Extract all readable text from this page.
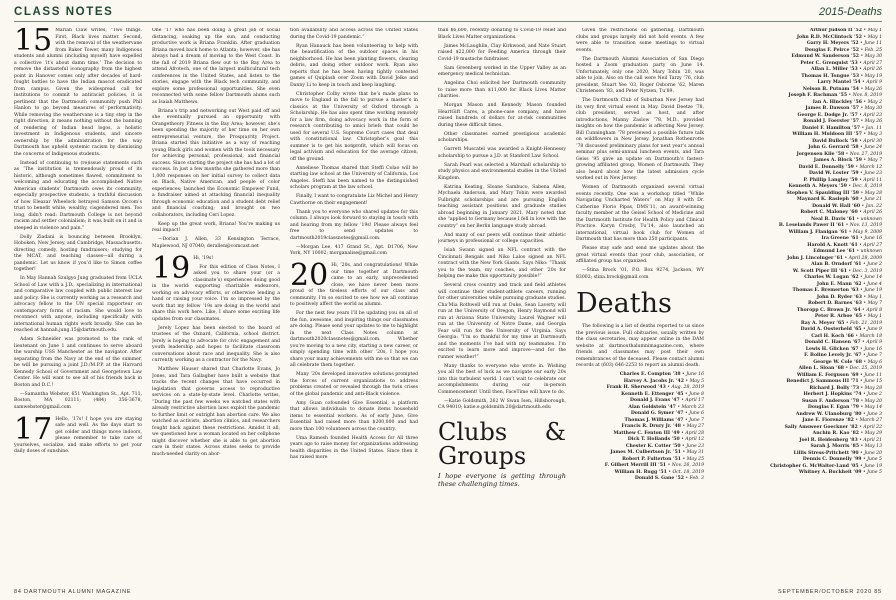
CLASS NOTES	2015-Deaths
15 Mariah Claw writes, “Two things. First, Black lives matter. Second, with the removal of the weathervane from Baker Tower, many Indigenous students and alumni (including myself) have expelled a collective ‘it’s about damn time.’ The decision to remove the distasteful iconography from the highest point in Hanover comes only after decades of hard-fought battles to have the Indian mascot eradicated from campus. Given the widespread call for institutions to commit to antiracist policies, it is pertinent that the Dartmouth community push Phil Hanlon to go beyond measures of performativity. While removing the weathervane is a tiny step in the right direction, it means nothing without the banning of rendering of Indian head logos, a holistic investment in Indigenous students, and sincere ownership by the administration for the way Dartmouth has upheld systemic racism by dismissing the concerns of Indigenous students.

Instead of continuing to (re)issue statements such as ‘The institution is tremendously proud of its historic, although sometimes flawed, commitment to welcoming and educating the accomplished Native American students’ Dartmouth owes its community, especially prospective students, a truthful discussion of how Eleazar Wheelock betrayed Samson Occom’s trust to benefit white, wealthy, cisgendered men. Too long, didn’t read: Dartmouth College is not beyond racism and settler colonialism; it was built on it and is steeped in violence and pain.”

Dolly Ziadani is bouncing between Brooklyn, Hoboken, New Jersey, and Cambridge, Massachusetts: directing comedy, hosting fundraisers; studying for the MCAT, and teaching classes—all during a pandemic. Let us know if you’d like to Simon coffee together!

In May Hannah Szulgyo Jung graduated from UCLA School of Law with a J.D., specializing in international and comparative law coupled with public interest law and policy. She is currently working as a research and advocacy fellow to the UN special rapporteur on contemporary forms of racism. She would love to reconnect with anyone, including specifically with international human rights work broadly. She can be reached at hannah.jung.15@dartmouth.edu.

Adam Schneider was promoted to the rank of lieutenant on June 1 and continues to serve aboard the warship USS Manchester as the navigator. After separating from the Navy at the end of the summer, he will be pursuing a joint J.D./M.P.P. at the Harvard Kennedy School of Government and Georgetown Law Center. He will want to see all of his friends back in Boston and D.C.!

—Samantha Webster, 651 Washington St., Apt. 711, Boston, MA 02111; (484) 356-3678, samwebster@gmail.com

17 Hello, ’17s! I hope you are staying safe and well. As the days start to get colder and things move indoors, please remember to take care of yourselves, socialize, and make efforts to get your daily doses of sunshine.

One ’17 who has been doing a great job of social distancing, soaking up the sun, and conducting productive work is Briana Franklin. After graduation Briana moved back home to Atlanta; however, she has always had a dream of moving to the West Coast. In the fall of 2019 Briana flew out to the Bay Area to attend Afrotech, one of the largest multicultural tech conferences in the United States, and listen to the stories, engage with the Black tech community, and explore some professional opportunities. She even reconnected with some fellow Dartmouth alums such as Isaiah Matthews.

Briana’s trip and networking out West paid off and she eventually pursued an opportunity with Orangetheory Fitness in the Bay Area; however, she’s been spending the majority of her time on her own entrepreneurial venture, the Prosp(a)rity Project. Briana started this initiative as a way of reaching young Black girls and women with the tools necessary for achieving personal, professional, and financial success. Since starting the project she has had a lot of success. In just a few months she gathered more than 1,000 responses on her initial survey to collect data on Black, Native American, and people of color experiences; launched the Economic Empower Fund, a fundraiser aimed at attacking financial inequality through economic education and a student debt relief and financial coaching; and brought on two collaborators, including Ceri Lopez.

Keep up the great work, Briana! You’re making us real impact!

—Dorian J. Allen, 33 Kensington Terrace, Maplewood, NJ 07040; derallen@comcast.net

19 Hi, ’19s!

For this edition of Class Notes, I asked you to share your (or a classmate’s) experiences doing good in the world: supporting charitable endeavors, working on advocacy efforts, or otherwise lending a hand or raising your voice. I’m so impressed by the work that my fellow ’19s are doing in the world and share this work here. Like, I share some exciting life updates from our classmates.

Jerely Lopez has been elected to the board of trustees of the Oxnard, California, school district. Jerely is hoping to advocate for civic engagement and youth leadership and hopes to facilitate classroom conversations about race and inequality. She is also currently working as a contractor for the Navy.

Matthew Hauser shared that Charlotte Evans, Jo Jones, and Tara Gallagher have built a website that tracks the recent changes that have occurred in legislation that governs access to reproductive services on a state-by-state level. Charlotte writes, “During the past few weeks we watched states with already restrictive abortion laws exploit the pandemic to further limit or outright ban abortion care. We also watched as activists, abortion clinics, and researchers fought back against these restrictions. Amidst it all, we questioned how a woman located on her cellphone might discover whether she is able to get abortion care in their states. Across states seeks to provide much-needed clarity on abor-

tion availability and access across the United States during the Covid-19 pandemic.”

Ryan Hanauck has been volunteering to help with the beautification of the outdoor spaces in his neighborhood. He has been planting flowers, clearing debris, and doing other outdoor work. Ryan also reports that he has been having tightly contested games of Quiplash over Zoom with David Jelke and Danny Li to keep in touch and keep laughing.

Christopher Colby wrote that he’s made plans to move to England in the fall to pursue a master’s in classics at the University of Oxford through a Scholarship. He has also spent time working remotely for a law firm, doing advocacy work in the form of research contributing to amici briefs that could be used for several U.S. Supreme Court cases that deal with constitutional law. Christopher’s goal this summer is to get his nonprofit, which will focus on legal activism and education for the average citizen, off the ground.

Anneliese Thomas shared that Steffi Colao will be starting law school at the University of California, Los Angeles. Steffi has been named to the distinguished scholars program at the law school.

Finally, I want to congratulate Liz Michel and Henry Cawthorne on their engagement!

Thank you to everyone who shared updates for this column. I always look forward to staying in touch with and hearing from my fellow ’19s! Please always feel free to send updates to dartmouth2019classnotes@gmail.com.

—Morgan Lee, 417 Grand St., Apt. D1706, New York, NY 10002; morganalise@gmail.com

20 Hi, ’20s, and congratulations! While our time together at Dartmouth came to an early, unprecedented close, we have never been more proud of the tireless efforts of our class and community. I’m so excited to see how we all continue to positively affect the world as alumni.

For the next few years I’ll be updating you on all of the fun, awesome, and inspiring things our classmates are doing. Please send your updates to me to highlight in the next Class Notes column at dartmouth2020classnotes@gmail.com. Whether you’re moving to a new city, starting a new career, or simply spending time with other ’20s, I hope you share your many achievements with me so that we can all celebrate them together.

Many ’20s developed innovative solutions prompted the forces of current organizations to address problems created or revealed through the twin crises of the global pandemic and anti-Black violence.

Amy Guan cofounded Give Essential, a platform that allows individuals to donate items household items to essential workers. As of early June, Give Essential had raised more than $200,000 and had more than 100 volunteers across the country.

Uma Ramesh founded Health Access for All three years ago to raise money for organizations addressing health disparities in the United States. Since then it has raised more

than $6,600, recently donating to Covid-19 relief and Black Lives Matter organizations.

James McLaughlin, Clay Kirkwood, and Nate Stuart raised $22,000 for Feeding America through their Covid-19 mustache fundraiser.

Sam Greenberg worked in the Upper Valley as an emergency medical technician.

Angelina Choi solicited her Dartmouth community to raise more than $11,000 for Black Lives Matter charities.

Morgan Mason and Kennedy Mason founded HeartGift Cares, a phone-case company, and have raised hundreds of dollars for at-risk communities during these difficult times.

Other classmates earned prestigious academic scholarships.

Garrett Muscatel was awarded a Knight-Hennessy scholarship to pursue a J.D. at Stanford Law School.

Sarah Pearl was selected a Marshall scholarship to study physics and environmental studies in the United Kingdom.

Katrina Keating, Sloane Sambuco, Sabena Allen, Mychaela Anderson, and Mary Tobin were awarded Fulbright scholarships and are pursuing English teaching assistant positions and graduate studies abroad beginning in January 2021. Mary noted that she “applied to Germany because I fell in love with the country” on her Berlin language study abroad.

And many of our peers will continue their athletic journeys in professional or college capacities.

Isiah Swann signed an NFL contract with the Cincinnati Bengals and Niko Lalos signed an NFL contract with the New York Giants. Says Niko: “Thank you to the team, my coaches, and other ’20s for helping me make this opportunity possible!”

Several cross country and track and field athletes will continue their student-athlete careers, running for other universities while pursuing graduate studies. Cha’Mia Rothwell will run at Duke, Sean Laverty will run at the University of Oregon, Henry Raymond will run at Arizona State University, Laurel Wagner will run at the University of Notre Dame, and Georgia Fear will run for the University of Virginia. Says Georgia: “I’m so thankful for my time at Dartmouth and the moments I’ve had with my teammates. I’m excited to learn more and improve—and for the runner weather!”

Many thanks to everyone who wrote in. Wishing you all the best of luck as we navigate our early 20s into this turbulent world. I can’t wait to celebrate our accomplishments during our in-person Commencement! Until then, FaceTime will have to do.

—Katie Goldsmith, 262 W Swan Isen, Hillsborough, CA 94010; katie.e.goldsmith.20@dartmouth.edu

Clubs & Groups
I hope everyone is getting through these challenging times.

Given the restrictions on gathering, Dartmouth clubs and groups largely did not hold events. A few were able to transition some meetings to virtual events.

The Dartmouth Alumni Association of San Diego hosted a Zoom graduation party on June 14. Unfortunately, only one 2020, Mary Tobin ’20, was able to join. Also on the call were Neil Tarzy ’76, club president, Stuart Yee ’03, Roger Osborne ’62, Maren Christensen ’83, and Peter Nytzen, Tu’89.

The Dartmouth Club of Suburban New Jersey had its very first virtual event in May. David Deetze ’78, club president, served as host, and after introductions, Manny Zaslow ’78, M.D., provided insights on how the pandemic is affecting New Jersey. Bill Cunningham ’78 previewed a possible future talk on wildflowers in New Jersey. Jonathan Rothenrotte ’78 discussed preliminary plans for next year’s annual seminar plus semi-annual luncheon events, and Tara Geiss ’95 gave an update on Dartmouth’s fastest-growing affiliated group, Women of Dartmouth. They also heard about how the latest admission cycle worked out in New Jersey.

Women of Dartmouth organized several virtual events recently. One was a workshop titled “While Navigating Uncharted Waters” on May 8 with Dr. Catherine Florio Pipas, DMS’11, an award-winning faculty member at the Geisel School of Medicine and the Dartmouth Institute for Health Policy and Clinical Practice. Karyn Crosby, Tu’14, also launched an international, virtual book club for Women of Dartmouth that has more than 250 participants.

Please stay safe and send me updates about the great virtual events that your club, association, or affiliated group has organized.

—Stina Brock ’01, P.O. Box 9274, Jackson, WY 83002; stina.brock@gmail.com

Deaths

The following is a list of deaths reported to us since the previous issue. Full obituaries, usually written by the class secretaries, may appear online in the DAM website at dartmouthalumnimagazine.com, where friends and classmates may post their own remembrances of the deceased. Please contact alumni records at (603) 646-2253 to report an alumni death.

Charles E. Compton ’38 • June 16
Harvey A. Jacobs Jr. ’42 • May 5
Frank H. Sherwood ’43 • Aug. 28, 2019
Kenneth E. Ettenger ’45 • June 8
Donald J. Evans ’47 • April 17
Alan Goldstein ’47 • March 23
Donald G. Symer ’47 • June 6
Thomas J. Williams ’47 • June 7
Francis R. Drury Jr. ’48 • May 27
Matthew C. Fenton III ’49 • April 28
Dick T. Hollands ’50 • April 12
Chester K. Cotter ’50 • June 23
James M. Culbertson Jr. ’51 • May 31
Robert P. Fulterton ’51 • May 25
F. Gilbert Merrill III ’51 • Nov. 26, 2019
William H. Rugg ’51 • Oct. 18, 2019
Donald S. Gane ’52 • Feb. 3
Arthur Judson II ’52 • May 1
John R.D. McClintock ’52 • May 1
Garry H. Meyers ’52 • June 11
Douglas F. Peirce ’52 • Feb. 25
Edmund W. Sanderson ’52 • May 30
Peter C. Grenquist ’53 • April 27
Allan L. Miller ’53 • April 26
Thomas H. Tongue ’53 • May 19
Larry Mantel ’54 • April 9
Nelson B. Putnam ’54 • May 26
Joseph F. Bachman ’55 • Nov. 8, 2019
Ian A. Hinckley ’56 • May 2
James B. Dawson ’57 • May 30
George E. Dodge Jr. ’57 • April 23
Ronald J. Foerster ’57 • May 26
Daniel F. Hamilton ’57 • Jan. 11
William H. Muldoon III ’57 • May 3
David Bullock ’58 • April 30
John G. Gerrard ’58 • June 24
Jorgensen Kile ’58 • Nov. 27, 2019
James A. Block ’59 • May 7
David E. Donnelly ’59 • March 12
David W. Lester ’59 • June 23
P. Phillip Langley ’59 • April 11
Kenneth A. Meyers ’59 • Dec. 8, 2019
Stephen V. Spaulding III ’59 • May 28
Maynard K. Rasleph ’60 • June 21
Donald W. Hall ’60 • Jan. 22
Robert C. Maloney ’60 • April 26
Neal B. Davis ’61 • unknown
B. Leselands Pawer II ’61 • Nov. 13, 2019
William J. Flanigan ’61 • May 9, 2009
Ira Greene ’61 • June 16
Harold A. Knott ’61 • April 27
Edmund Lee ’61 • unknown
John J. Lincolnger ’61 • April 28, 2009
Alan B. Orndorf ’61 • June 2
W. Scott Piper III ’61 • Dec. 3, 2019
Charles W. Logan ’62 • June 14
John E. Mann ’62 • June 4
Thomas E. Bremerton ’63 • June 19
John D. Ryder ’63 • May 1
Robert D. Barnes ’63 • May 7
Thoropp C. Brown Jr. ’64 • April 8
Peter R. Arboe ’65 • May 1
Ray A. Meyer ’65 • Feb. 21, 2019
David A. Oosterheld ’65 • June 9
Carl H. Koch ’66 • March 18
Donald C. Hansen ’67 • April 9
Lewis H. Glicken ’67 • June 16
F. Boline Levely Jr. ’67 • June 7
George W. Cole ’68 • May 6
Allen L. Sloan ’68 • Dec. 25, 2019
William E. Ferguson ’69 • June 11
Benedict J. Sammons III ’71 • June 15
Richard J. Bolly ’73 • May 28
Herbert J. Hopkins ’74 • June 2
Susan F. Anderson ’78 • May 20
Douglas F. Egan ’79 • May 14
Andrew W. Ulanoburg ’80 • June 3
Jane E. Fiorenze ’82 • March 27
Sally Amsweer Goeckner ’82 • April 22
Anchin R. Kao ’82 • May 29
Joel R. Heidenberg ’83 • April 21
Sarah J. Morris ’85 • May 13
Lillis Stress-Pritchett ’90 • June 20
Dennis C. Donnelly ’99 • June 5
Christopher G. McWalter-Land ’05 • June 19
Whitney A. Buckheit ’09 • June 5
84 DARTMOUTH ALUMNI MAGAZINE	SEPTEMBER/OCTOBER 2020 85
